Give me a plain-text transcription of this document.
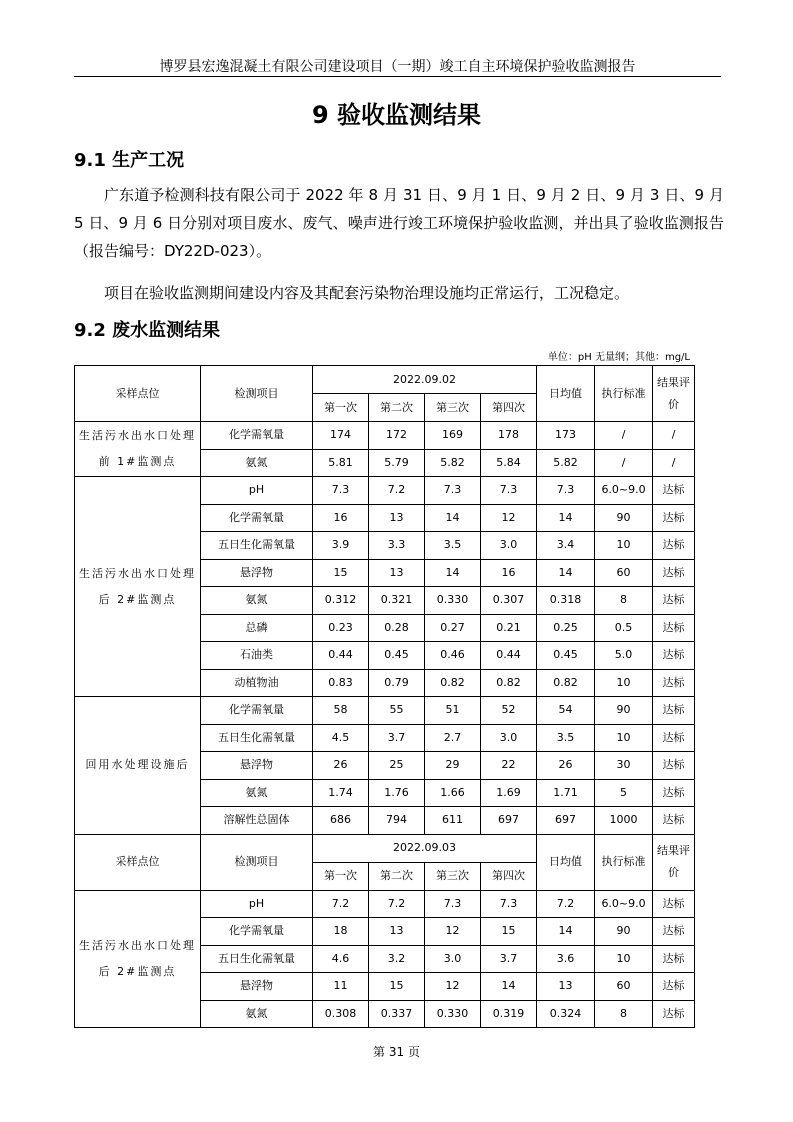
博罗县宏逸混凝土有限公司建设项目（一期）竣工自主环境保护验收监测报告
9 验收监测结果
9.1 生产工况
广东道予检测科技有限公司于 2022 年 8 月 31 日、9 月 1 日、9 月 2 日、9 月 3 日、9 月 5 日、9 月 6 日分别对项目废水、废气、噪声进行竣工环境保护验收监测，并出具了验收监测报告（报告编号：DY22D-023）。
项目在验收监测期间建设内容及其配套污染物治理设施均正常运行，工况稳定。
9.2 废水监测结果
单位：pH 无量纲；其他：mg/L
采样点位	检测项目	2022.09.02				日均值	执行标准	结果评价
		第一次	第二次	第三次	第四次			
生活污水出水口处理前 1#监测点	化学需氧量	174	172	169	178	173	/	/
	氨氮	5.81	5.79	5.82	5.84	5.82	/	/
生活污水出水口处理后 2#监测点	pH	7.3	7.2	7.3	7.3	7.3	6.0~9.0	达标
	化学需氧量	16	13	14	12	14	90	达标
	五日生化需氧量	3.9	3.3	3.5	3.0	3.4	10	达标
	悬浮物	15	13	14	16	14	60	达标
	氨氮	0.312	0.321	0.330	0.307	0.318	8	达标
	总磷	0.23	0.28	0.27	0.21	0.25	0.5	达标
	石油类	0.44	0.45	0.46	0.44	0.45	5.0	达标
	动植物油	0.83	0.79	0.82	0.82	0.82	10	达标
回用水处理设施后	化学需氧量	58	55	51	52	54	90	达标
	五日生化需氧量	4.5	3.7	2.7	3.0	3.5	10	达标
	悬浮物	26	25	29	22	26	30	达标
	氨氮	1.74	1.76	1.66	1.69	1.71	5	达标
	溶解性总固体	686	794	611	697	697	1000	达标
采样点位	检测项目	2022.09.03				日均值	执行标准	结果评价
		第一次	第二次	第三次	第四次			
生活污水出水口处理后 2#监测点	pH	7.2	7.2	7.3	7.3	7.2	6.0~9.0	达标
	化学需氧量	18	13	12	15	14	90	达标
	五日生化需氧量	4.6	3.2	3.0	3.7	3.6	10	达标
	悬浮物	11	15	12	14	13	60	达标
	氨氮	0.308	0.337	0.330	0.319	0.324	8	达标
第 31 页
